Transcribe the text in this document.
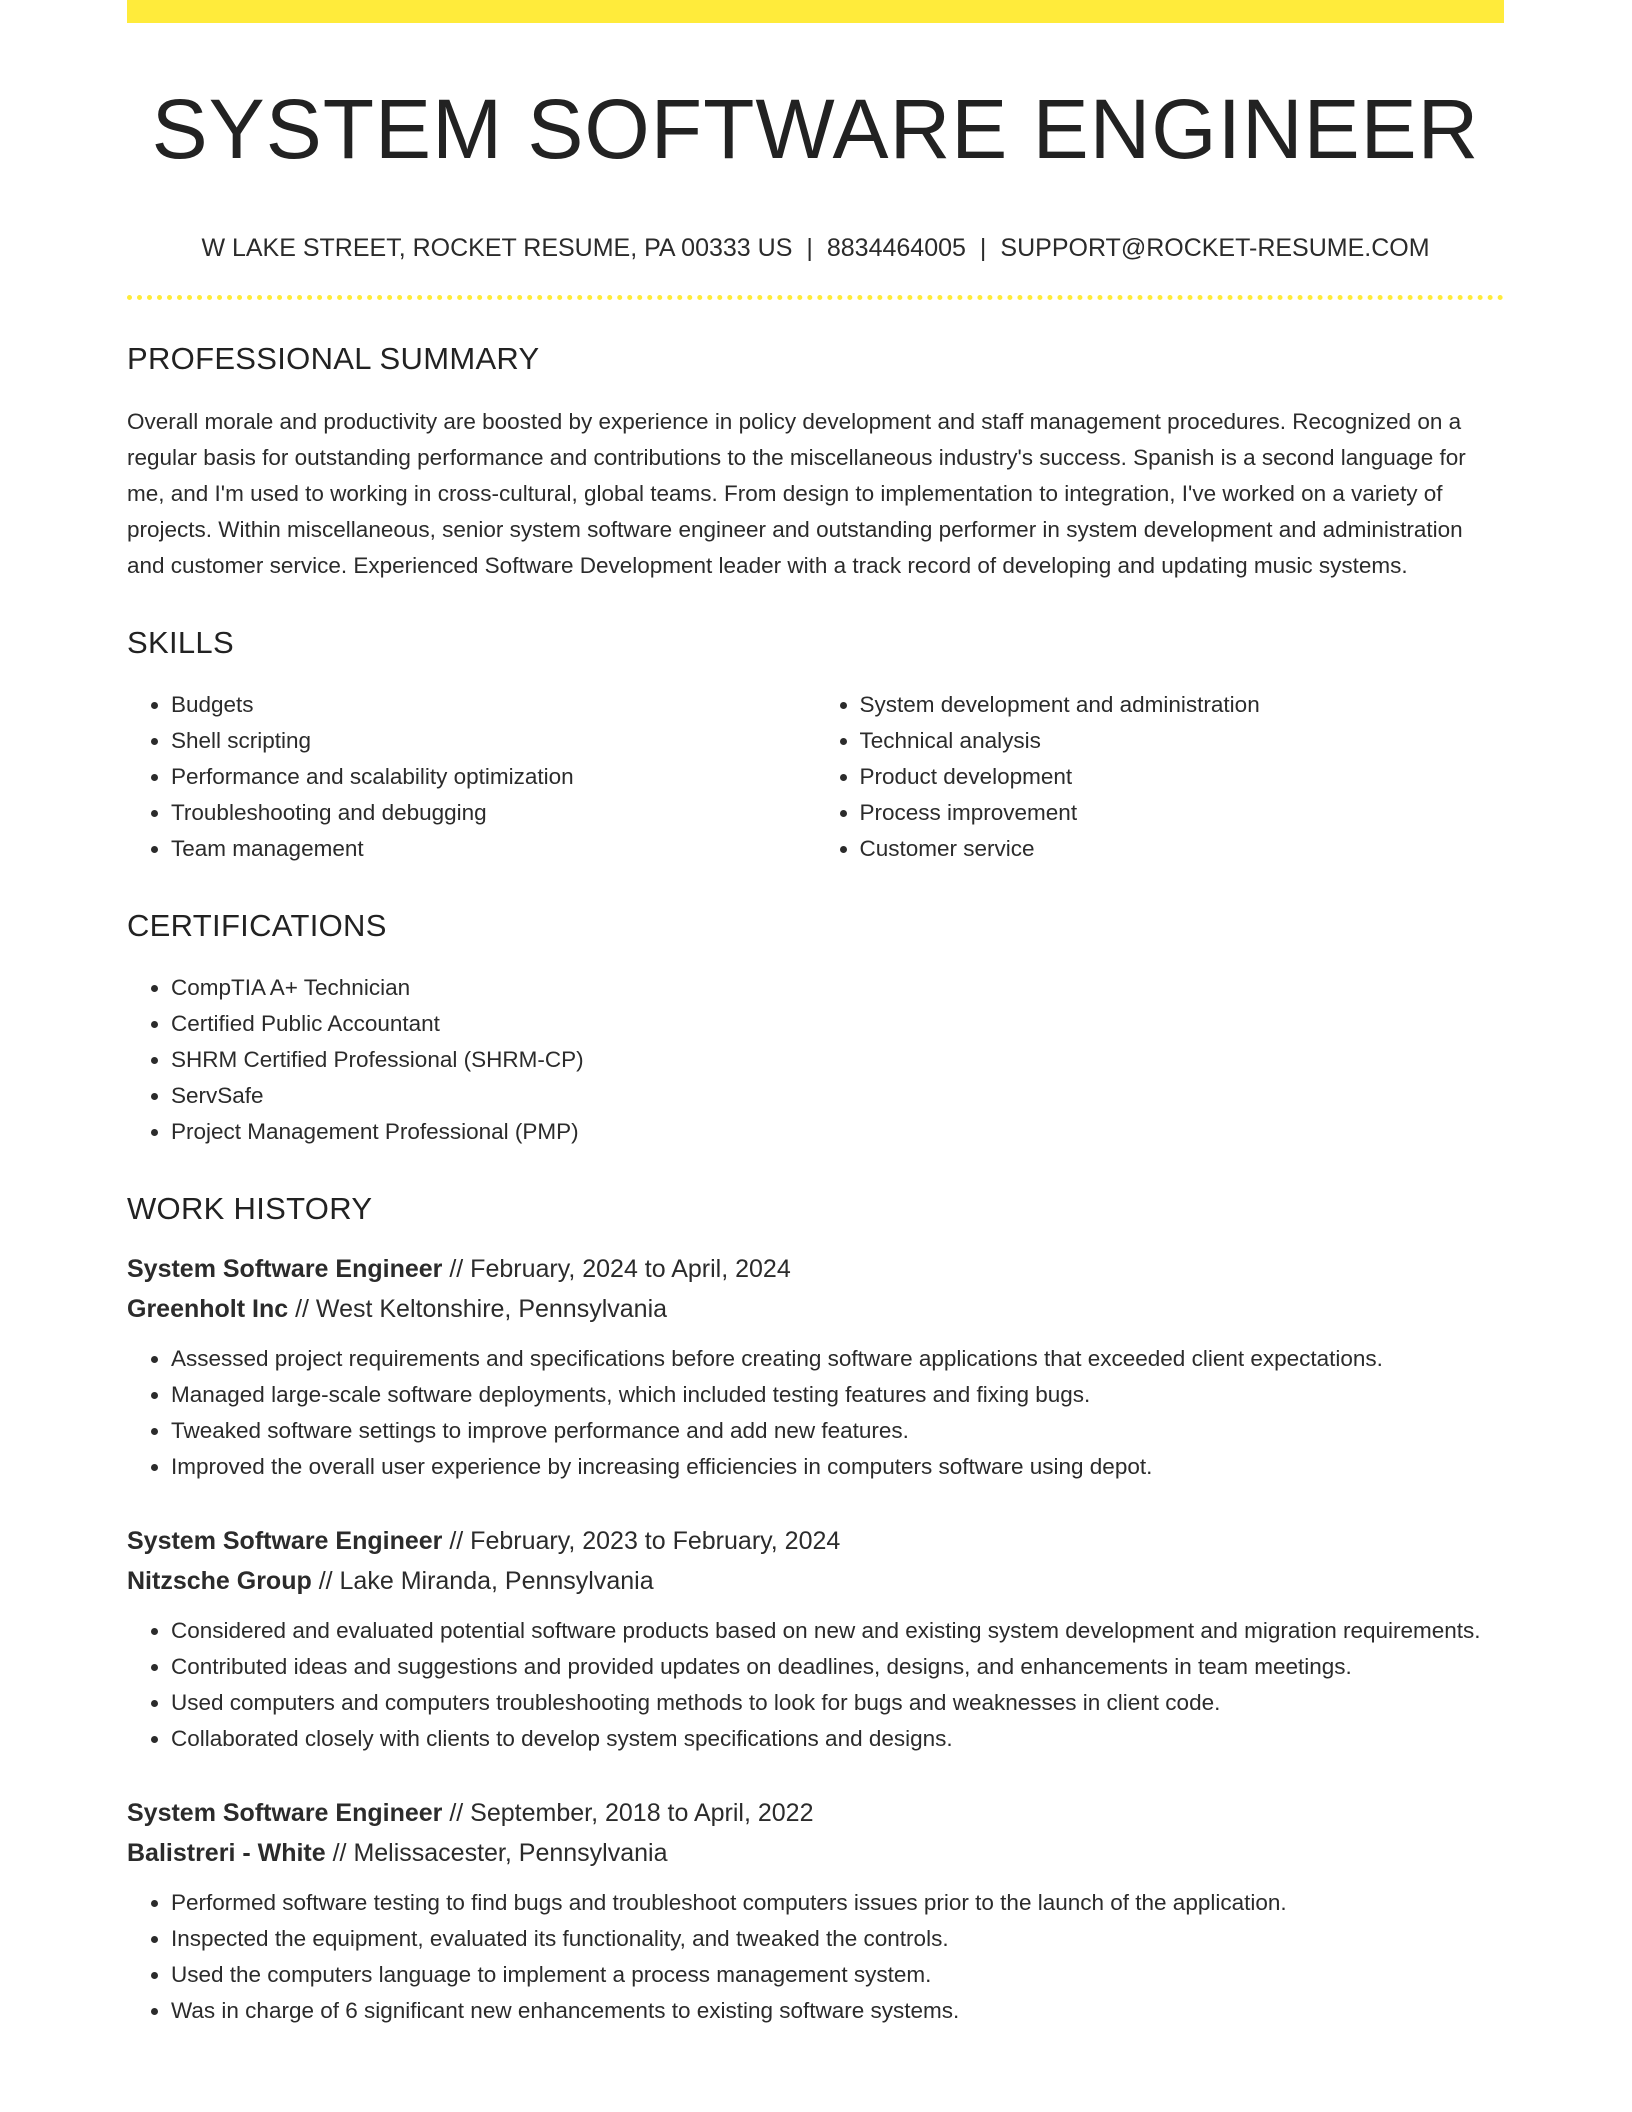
SYSTEM SOFTWARE ENGINEER
W LAKE STREET, ROCKET RESUME, PA 00333 US | 8834464005 | SUPPORT@ROCKET-RESUME.COM
PROFESSIONAL SUMMARY

Overall morale and productivity are boosted by experience in policy development and staff management procedures. Recognized on a regular basis for outstanding performance and contributions to the miscellaneous industry's success. Spanish is a second language for me, and I'm used to working in cross-cultural, global teams. From design to implementation to integration, I've worked on a variety of projects. Within miscellaneous, senior system software engineer and outstanding performer in system development and administration and customer service. Experienced Software Development leader with a track record of developing and updating music systems.

SKILLS
• Budgets
• Shell scripting
• Performance and scalability optimization
• Troubleshooting and debugging
• Team management
• System development and administration
• Technical analysis
• Product development
• Process improvement
• Customer service
CERTIFICATIONS
• CompTIA A+ Technician
• Certified Public Accountant
• SHRM Certified Professional (SHRM-CP)
• ServSafe
• Project Management Professional (PMP)
WORK HISTORY
System Software Engineer // February, 2024 to April, 2024
Greenholt Inc // West Keltonshire, Pennsylvania
• Assessed project requirements and specifications before creating software applications that exceeded client expectations.
• Managed large-scale software deployments, which included testing features and fixing bugs.
• Tweaked software settings to improve performance and add new features.
• Improved the overall user experience by increasing efficiencies in computers software using depot.
System Software Engineer // February, 2023 to February, 2024
Nitzsche Group // Lake Miranda, Pennsylvania
• Considered and evaluated potential software products based on new and existing system development and migration requirements.
• Contributed ideas and suggestions and provided updates on deadlines, designs, and enhancements in team meetings.
• Used computers and computers troubleshooting methods to look for bugs and weaknesses in client code.
• Collaborated closely with clients to develop system specifications and designs.
System Software Engineer // September, 2018 to April, 2022
Balistreri - White // Melissacester, Pennsylvania
• Performed software testing to find bugs and troubleshoot computers issues prior to the launch of the application.
• Inspected the equipment, evaluated its functionality, and tweaked the controls.
• Used the computers language to implement a process management system.
• Was in charge of 6 significant new enhancements to existing software systems.
